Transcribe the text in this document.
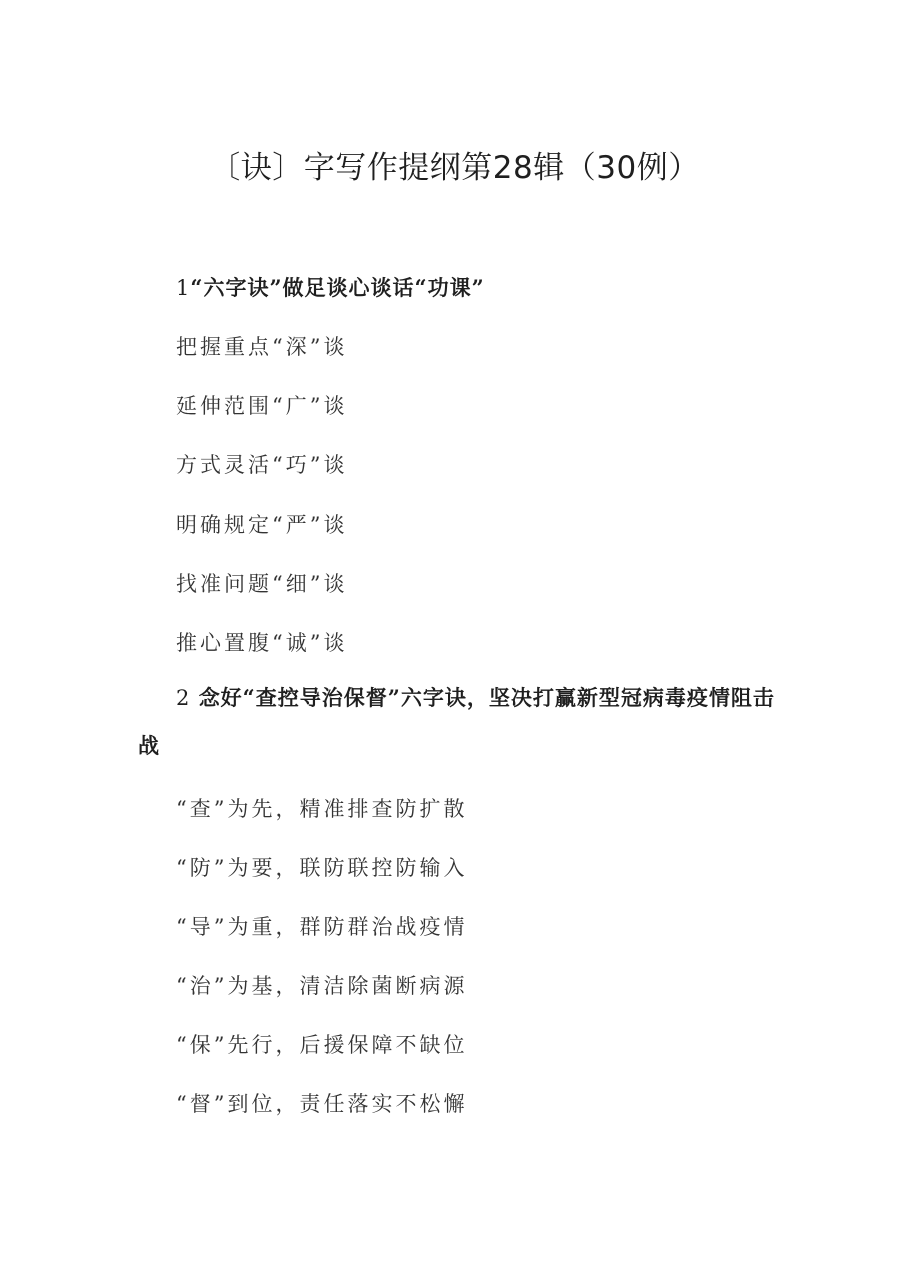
〔诀〕字写作提纲第28辑（30例）

1“六字诀”做足谈心谈话“功课”

把握重点“深”谈

延伸范围“广”谈

方式灵活“巧”谈

明确规定“严”谈

找准问题“细”谈

推心置腹“诚”谈

2 念好“查控导治保督”六字诀，坚决打赢新型冠病毒疫情阻击战

“查”为先，精准排查防扩散

“防”为要，联防联控防输入

“导”为重，群防群治战疫情

“治”为基，清洁除菌断病源

“保”先行，后援保障不缺位

“督”到位，责任落实不松懈
